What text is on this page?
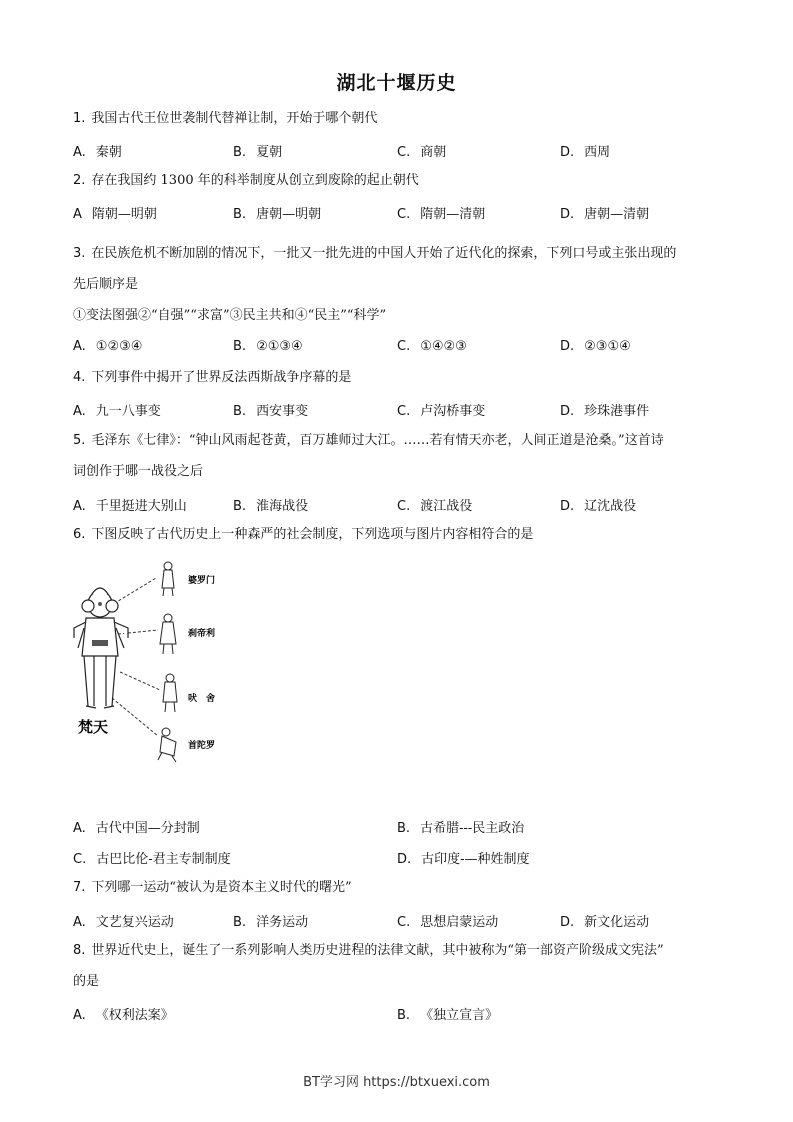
湖北十堰历史
1. 我国古代王位世袭制代替禅让制，开始于哪个朝代
A. 秦朝	B. 夏朝	C. 商朝	D. 西周
2. 存在我国约 1300 年的科举制度从创立到废除的起止朝代
A 隋朝—明朝	B. 唐朝—明朝	C. 隋朝—清朝	D. 唐朝—清朝
3. 在民族危机不断加剧的情况下，一批又一批先进的中国人开始了近代化的探索，下列口号或主张出现的
先后顺序是
①变法图强②“自强”“求富”③民主共和④“民主”“科学”
A. ①②③④	B. ②①③④	C. ①④②③	D. ②③①④
4. 下列事件中揭开了世界反法西斯战争序幕的是
A. 九一八事变	B. 西安事变	C. 卢沟桥事变	D. 珍珠港事件
5. 毛泽东《七律》：“钟山风雨起苍黄，百万雄师过大江。……若有情天亦老，人间正道是沧桑。”这首诗
词创作于哪一战役之后
A. 千里挺进大别山	B. 淮海战役	C. 渡江战役	D. 辽沈战役
6. 下图反映了古代历史上一种森严的社会制度，下列选项与图片内容相符合的是
婆罗门
刹帝利
吠　舍
首陀罗
梵天
A. 古代中国—分封制	B. 古希腊---民主政治
C. 古巴比伦-君主专制制度	D. 古印度-—种姓制度
7. 下列哪一运动“被认为是资本主义时代的曙光”
A. 文艺复兴运动	B. 洋务运动	C. 思想启蒙运动	D. 新文化运动
8. 世界近代史上，诞生了一系列影响人类历史进程的法律文献，其中被称为“第一部资产阶级成文宪法”
的是
A. 《权利法案》	B. 《独立宣言》
BT学习网 https://btxuexi.com
